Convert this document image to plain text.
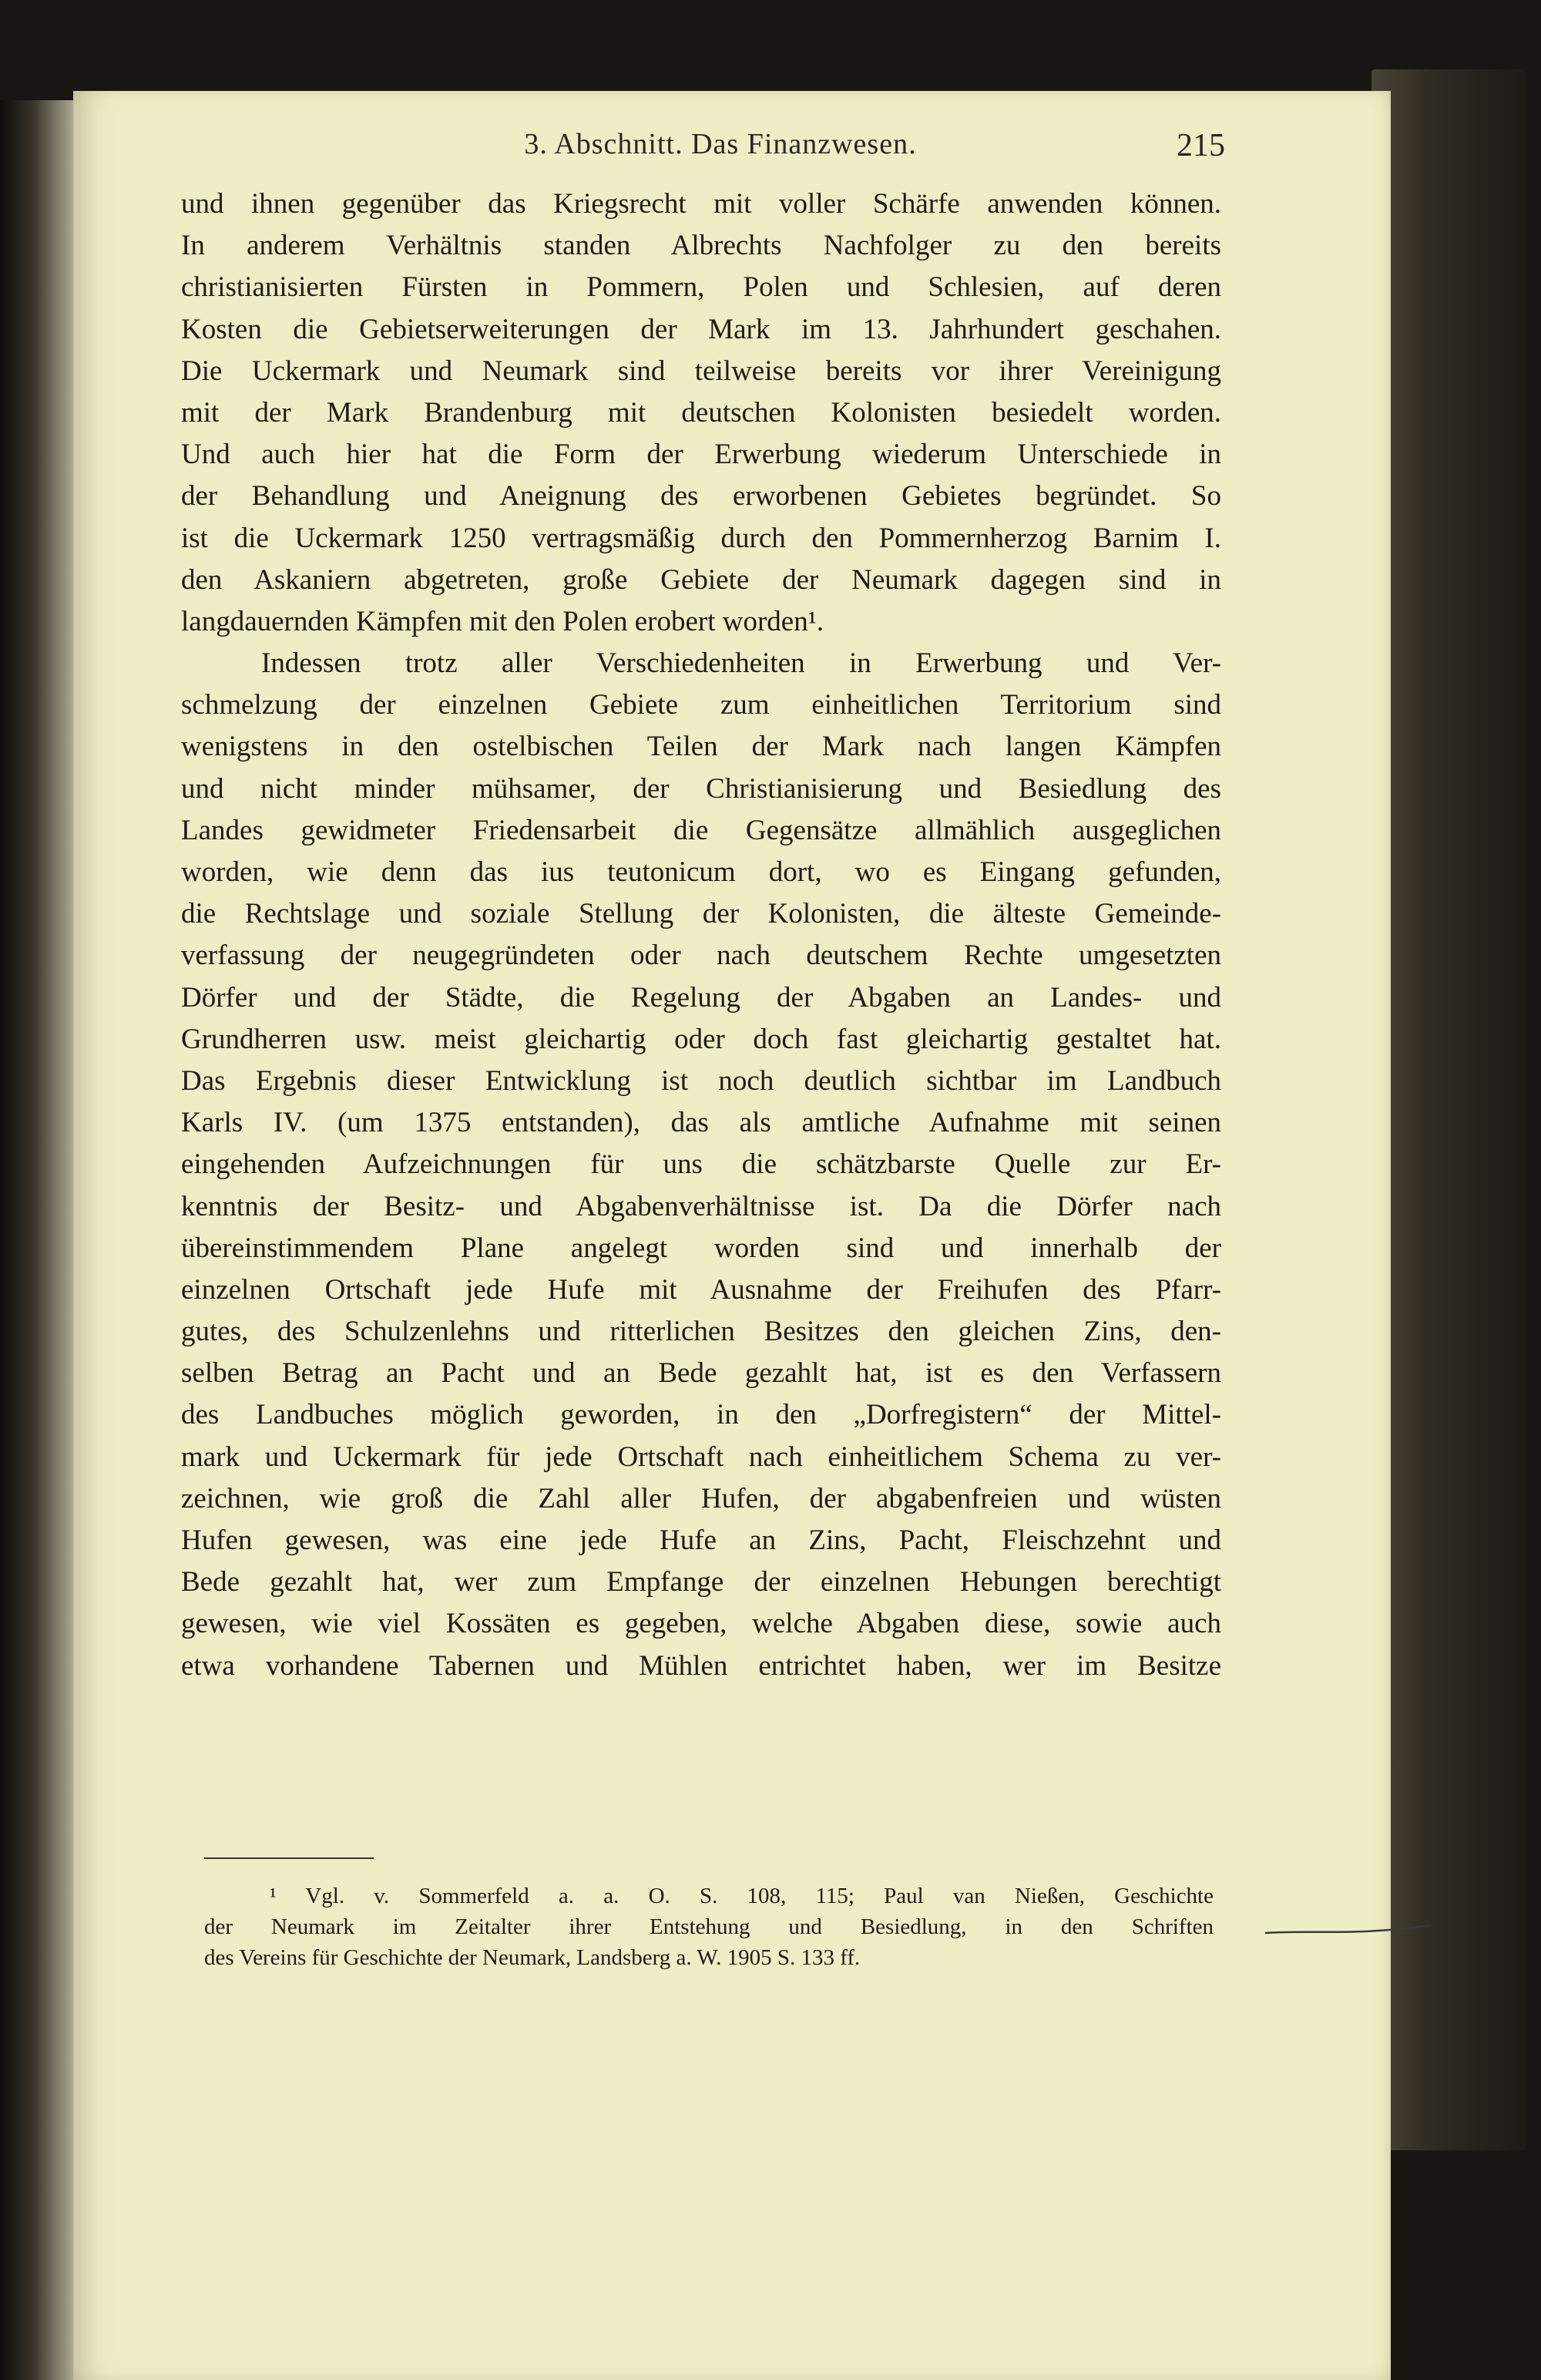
3. Abschnitt. Das Finanzwesen.	215
und ihnen gegenüber das Kriegsrecht mit voller Schärfe anwenden können.
In anderem Verhältnis standen Albrechts Nachfolger zu den bereits
christianisierten Fürsten in Pommern, Polen und Schlesien, auf deren
Kosten die Gebietserweiterungen der Mark im 13. Jahrhundert geschahen.
Die Uckermark und Neumark sind teilweise bereits vor ihrer Vereinigung
mit der Mark Brandenburg mit deutschen Kolonisten besiedelt worden.
Und auch hier hat die Form der Erwerbung wiederum Unterschiede in
der Behandlung und Aneignung des erworbenen Gebietes begründet. So
ist die Uckermark 1250 vertragsmäßig durch den Pommernherzog Barnim I.
den Askaniern abgetreten, große Gebiete der Neumark dagegen sind in
langdauernden Kämpfen mit den Polen erobert worden¹.
Indessen trotz aller Verschiedenheiten in Erwerbung und Ver-
schmelzung der einzelnen Gebiete zum einheitlichen Territorium sind
wenigstens in den ostelbischen Teilen der Mark nach langen Kämpfen
und nicht minder mühsamer, der Christianisierung und Besiedlung des
Landes gewidmeter Friedensarbeit die Gegensätze allmählich ausgeglichen
worden, wie denn das ius teutonicum dort, wo es Eingang gefunden,
die Rechtslage und soziale Stellung der Kolonisten, die älteste Gemeinde-
verfassung der neugegründeten oder nach deutschem Rechte umgesetzten
Dörfer und der Städte, die Regelung der Abgaben an Landes- und
Grundherren usw. meist gleichartig oder doch fast gleichartig gestaltet hat.
Das Ergebnis dieser Entwicklung ist noch deutlich sichtbar im Landbuch
Karls IV. (um 1375 entstanden), das als amtliche Aufnahme mit seinen
eingehenden Aufzeichnungen für uns die schätzbarste Quelle zur Er-
kenntnis der Besitz- und Abgabenverhältnisse ist. Da die Dörfer nach
übereinstimmendem Plane angelegt worden sind und innerhalb der
einzelnen Ortschaft jede Hufe mit Ausnahme der Freihufen des Pfarr-
gutes, des Schulzenlehns und ritterlichen Besitzes den gleichen Zins, den-
selben Betrag an Pacht und an Bede gezahlt hat, ist es den Verfassern
des Landbuches möglich geworden, in den „Dorfregistern“ der Mittel-
mark und Uckermark für jede Ortschaft nach einheitlichem Schema zu ver-
zeichnen, wie groß die Zahl aller Hufen, der abgabenfreien und wüsten
Hufen gewesen, was eine jede Hufe an Zins, Pacht, Fleischzehnt und
Bede gezahlt hat, wer zum Empfange der einzelnen Hebungen berechtigt
gewesen, wie viel Kossäten es gegeben, welche Abgaben diese, sowie auch
etwa vorhandene Tabernen und Mühlen entrichtet haben, wer im Besitze
¹ Vgl. v. Sommerfeld a. a. O. S. 108, 115; Paul van Nießen, Geschichte
der Neumark im Zeitalter ihrer Entstehung und Besiedlung, in den Schriften
des Vereins für Geschichte der Neumark, Landsberg a. W. 1905 S. 133 ff.
